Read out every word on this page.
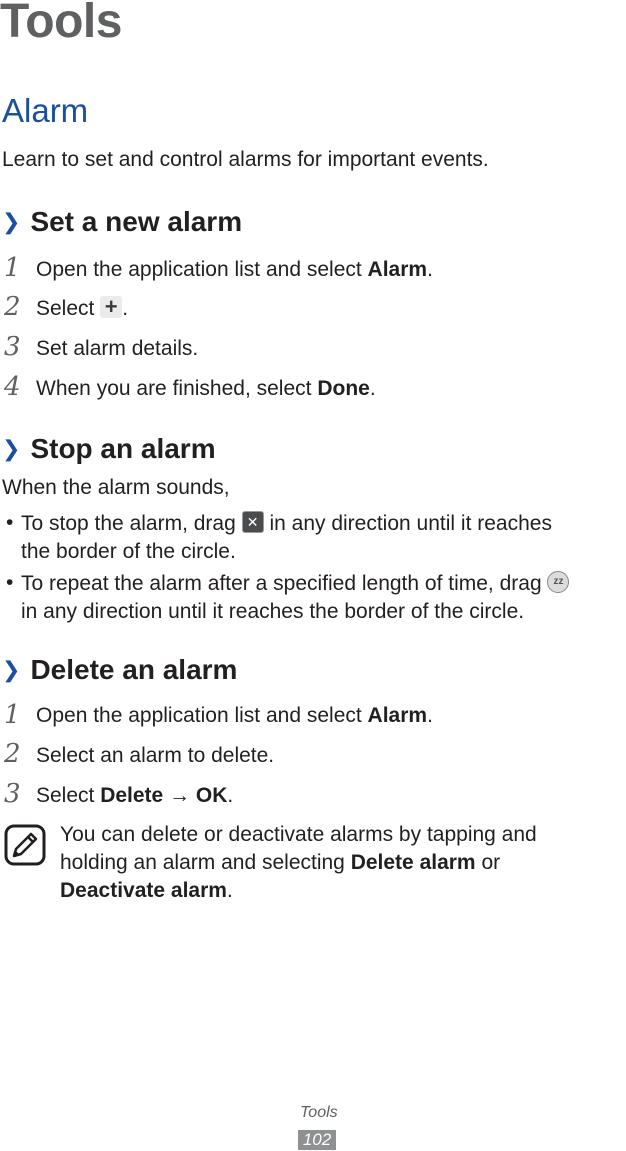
Tools
Alarm
Learn to set and control alarms for important events.
❯ Set a new alarm
1 Open the application list and select Alarm.
2 Select + .
3 Set alarm details.
4 When you are finished, select Done.
❯ Stop an alarm
When the alarm sounds,
• To stop the alarm, drag ✕ in any direction until it reaches
the border of the circle.
• To repeat the alarm after a specified length of time, drag zz
in any direction until it reaches the border of the circle.
❯ Delete an alarm
1 Open the application list and select Alarm.
2 Select an alarm to delete.
3 Select Delete → OK.
You can delete or deactivate alarms by tapping and
holding an alarm and selecting Delete alarm or
Deactivate alarm.
Tools
102
